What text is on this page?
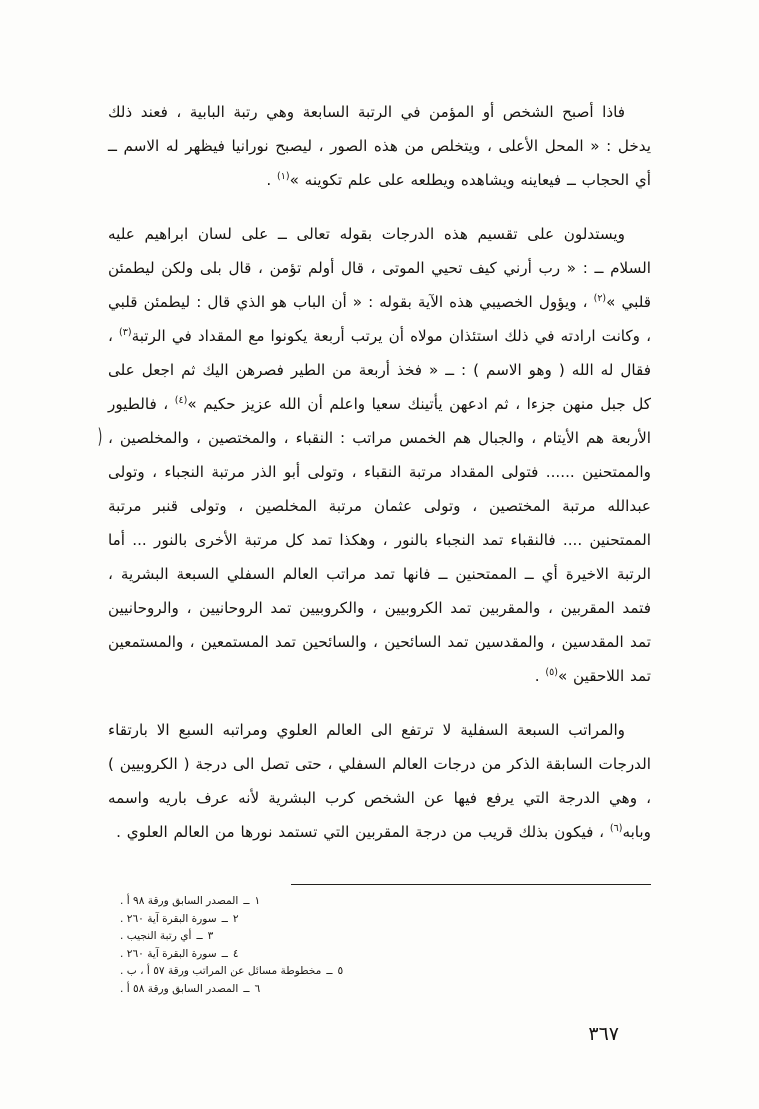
فاذا أصبح الشخص أو المؤمن في الرتبة السابعة وهي رتبة البابية ، فعند ذلك يدخل : « المحل الأعلى ، ويتخلص من هذه الصور ، ليصبح نورانيا فيظهر له الاسم ــ أي الحجاب ــ فيعاينه ويشاهده ويطلعه على علم تكوينه »$^{(١)}$ .

ويستدلون على تقسيم هذه الدرجات بقوله تعالى ــ على لسان ابراهيم عليه السلام ــ : « رب أرني كيف تحيي الموتى ، قال أولم تؤمن ، قال بلى ولكن ليطمئن قلبي »$^{(٢)}$ ، ويؤول الخصيبي هذه الآية بقوله : « أن الباب هو الذي قال : ليطمئن قلبي ، وكانت ارادته في ذلك استئذان مولاه أن يرتب أربعة يكونوا مع المقداد في الرتبة$^{(٣)}$ ، فقال له الله ( وهو الاسم ) : ــ « فخذ أربعة من الطير فصرهن اليك ثم اجعل على كل جبل منهن جزءا ، ثم ادعهن يأتينك سعيا واعلم أن الله عزيز حكيم »$^{(٤)}$ ، فالطيور الأربعة هم الأيتام ، والجبال هم الخمس مراتب : النقباء ، والمختصين ، والمخلصين ، والممتحنين ...... فتولى المقداد مرتبة النقباء ، وتولى أبو الذر مرتبة النجباء ، وتولى عبدالله مرتبة المختصين ، وتولى عثمان مرتبة المخلصين ، وتولى قنبر مرتبة الممتحنين .... فالنقباء تمد النجباء بالنور ، وهكذا تمد كل مرتبة الأخرى بالنور ... أما الرتبة الاخيرة أي ــ الممتحنين ــ فانها تمد مراتب العالم السفلي السبعة البشرية ، فتمد المقربين ، والمقربين تمد الكروبيين ، والكروبيين تمد الروحانيين ، والروحانيين تمد المقدسين ، والمقدسين تمد السائحين ، والسائحين تمد المستمعين ، والمستمعين تمد اللاحقين »$^{(٥)}$ .

والمراتب السبعة السفلية لا ترتفع الى العالم العلوي ومراتبه السبع الا بارتقاء الدرجات السابقة الذكر من درجات العالم السفلي ، حتى تصل الى درجة ( الكروبيين ) ، وهي الدرجة التي يرفع فيها عن الشخص كرب البشرية لأنه عرف باريه واسمه وبابه$^{(٦)}$ ، فيكون بذلك قريب من درجة المقربين التي تستمد نورها من العالم العلوي .

(
١ــالمصدر السابق ورقة ٩٨ أ .
٢ــسورة البقرة آية ٢٦٠ .
٣ــأي رتبة النجيب .
٤ــسورة البقرة آية ٢٦٠ .
٥ــمخطوطة مسائل عن المراتب ورقة ٥٧ أ ، ب .
٦ــالمصدر السابق ورقة ٥٨ أ .
٣٦٧
